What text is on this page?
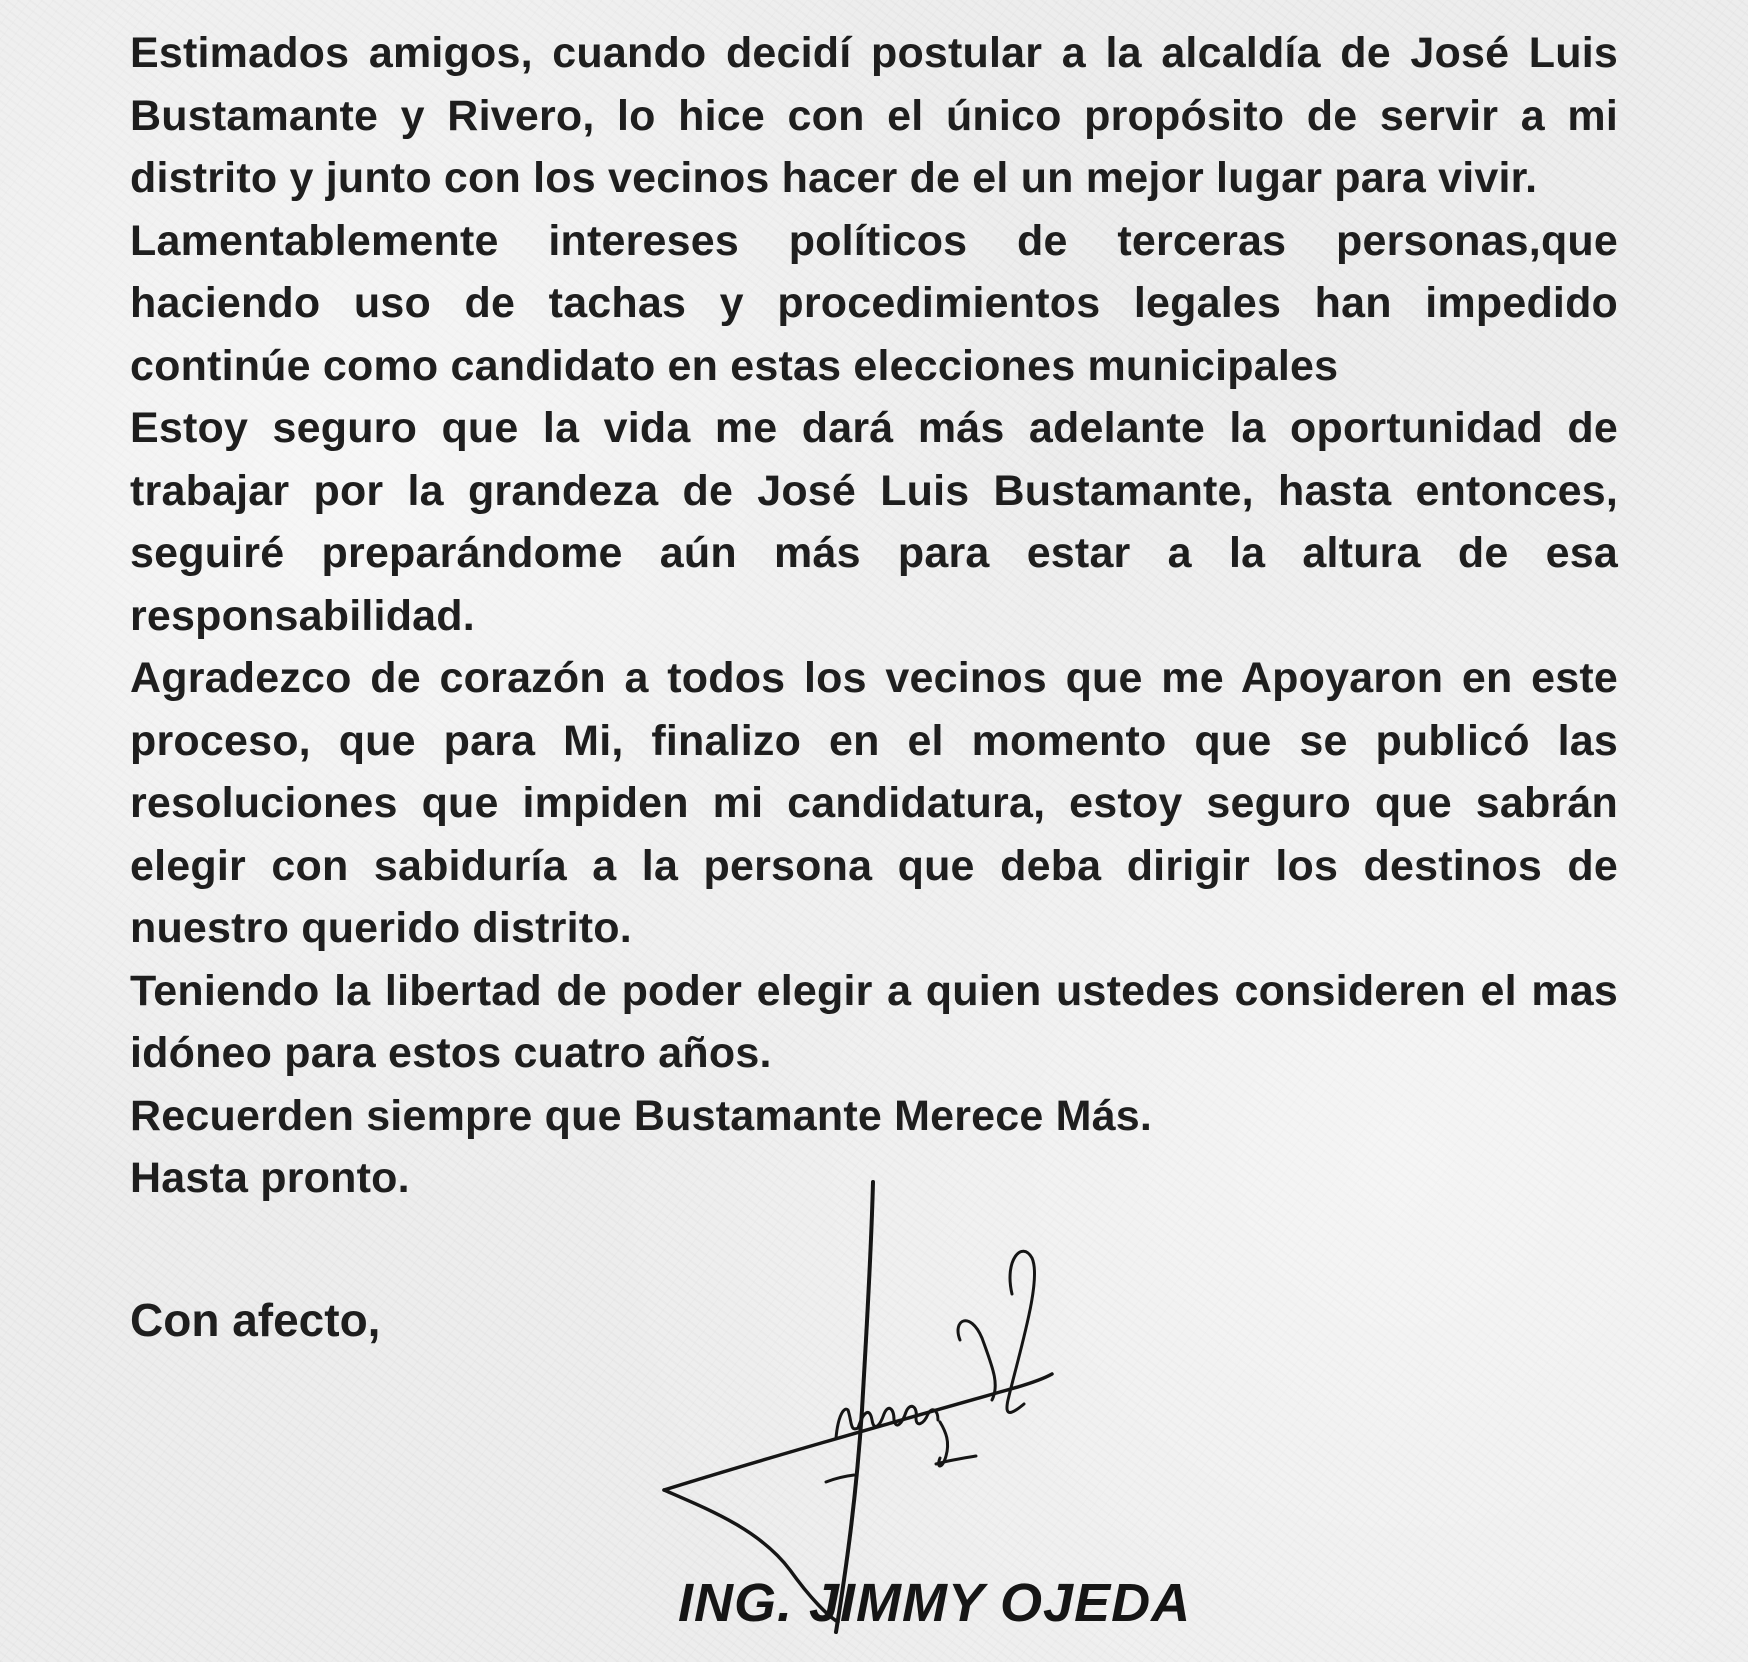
Estimados amigos, cuando decidí postular a la alcaldía de José Luis Bustamante y Rivero, lo hice con el único propósito de servir a mi distrito y junto con los vecinos hacer de el un mejor lugar para vivir.

Lamentablemente intereses políticos de terceras personas,que haciendo uso de tachas y procedimientos legales han impedido continúe como candidato en estas elecciones municipales

Estoy seguro que la vida me dará más adelante la oportunidad de trabajar por la grandeza de José Luis Bustamante, hasta entonces, seguiré preparándome aún más para estar a la altura de esa responsabilidad.

Agradezco de corazón a todos los vecinos que me Apoyaron en este proceso, que para Mi, finalizo en el momento que se publicó las resoluciones que impiden mi candidatura, estoy seguro que sabrán elegir con sabiduría a la persona que deba dirigir los destinos de nuestro querido distrito.

Teniendo la libertad de poder elegir a quien ustedes consideren el mas idóneo para estos cuatro años.

Recuerden siempre que Bustamante Merece Más.

Hasta pronto.

Con afecto,

ING. JIMMY OJEDA
